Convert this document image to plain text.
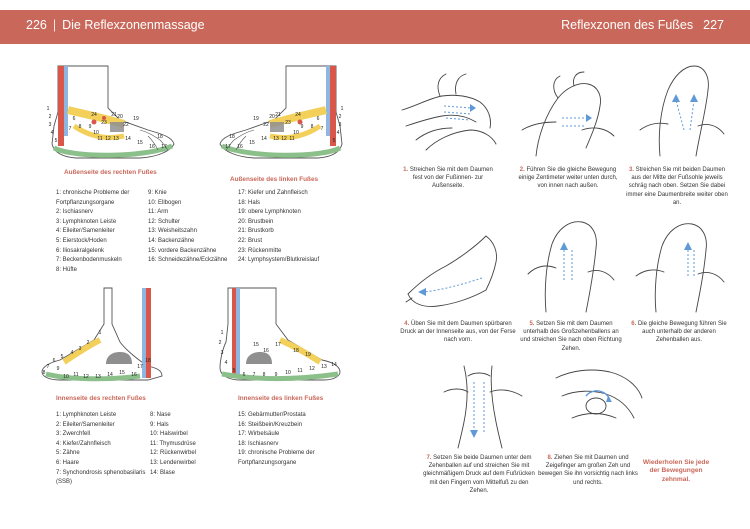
226 | Die Reflexzonenmassage	Reflexzonen des Fußes 227
1
2
3
4
5
6
7 8 9
10
11 12 13 14
15
16 17
18
19
20
21
22
23
24
1
2
3
4
5
6
7
8
9
10
11
12
13
14
15
16
17
18
19 20 21
22	23
24
Außenseite des rechten Fußes
Außenseite des linken Fußes
1: chronische Probleme der Fortpflanzungsorgane
2: Ischiasnerv
3: Lymphknoten Leiste
4: Eileiter/Samenleiter
5: Eierstock/Hoden
6: Iliosakralgelenk
7: Beckenbodenmuskeln
8: Hüfte
9: Knie
10: Ellbogen
11: Arm
12: Schulter
13: Weisheitszahn
14: Backenzähne
15: vordere Backenzähne
16: Schneidezähne/Eckzähne
17: Kiefer und Zahnfleisch
18: Hals
19: obere Lymphknoten
20: Brustbein
21: Brustkorb
22: Brust
23: Rückenmitte
24: Lymphsystem/Blutkreislauf
1
2
3
4
5
6
7
8
9
10 11 12 13 14 15 16
17
18
1
2
3
4
5
6 7 8 9 10 11 12 13 14
15
16
17
18
19
Innenseite des rechten Fußes	Innenseite des linken Fußes
1: Lymphknoten Leiste
2: Eileiter/Samenleiter
3: Zwerchfell
4: Kiefer/Zahnfleisch
5: Zähne
6: Haare
7: Synchondrosis sphenobasilaris (SSB)
8: Nase
9: Hals
10: Halswirbel
11: Thymusdrüse
12: Rückenwirbel
13: Lendenwirbel
14: Blase
15: Gebärmutter/Prostata
16: Steißbein/Kreuzbein
17: Wirbelsäule
18: Ischiasnerv
19: chronische Probleme der Fortpflanzungsorgane
1. Streichen Sie mit dem Daumen fest von der Fußinnen- zur Außenseite.
2. Führen Sie die gleiche Bewegung einige Zentimeter weiter unten durch, von innen nach außen.
3. Streichen Sie mit beiden Daumen aus der Mitte der Fußsohle jeweils schräg nach oben. Setzen Sie dabei immer eine Daumenbreite weiter oben an.
4. Üben Sie mit dem Daumen spürbaren Druck an der Innenseite aus, von der Ferse nach vorn.
5. Setzen Sie mit dem Daumen unterhalb des Großzehenballens an und streichen Sie nach oben Richtung Zehen.
6. Die gleiche Bewegung führen Sie auch unterhalb der anderen Zehenballen aus.
7. Setzen Sie beide Daumen unter dem Zehenballen auf und streichen Sie mit gleichmäßigem Druck auf dem Fußrücken mit den Fingern vom Mittelfuß zu den Zehen.
8. Ziehen Sie mit Daumen und Zeigefinger am großen Zeh und bewegen Sie ihn vorsichtig nach links und rechts.
Wiederholen Sie jede der Bewegungen zehnmal.
